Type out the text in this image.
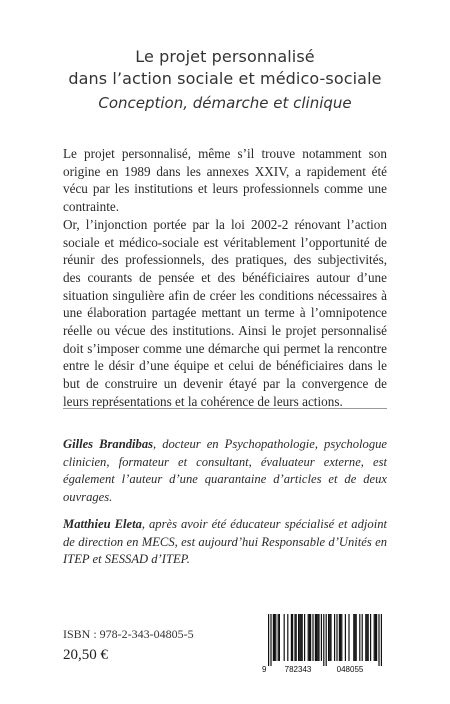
Le projet personnalisé
dans l’action sociale et médico-sociale
Conception, démarche et clinique

Le projet personnalisé, même s’il trouve notamment son origine en 1989 dans les annexes XXIV, a rapidement été vécu par les institutions et leurs professionnels comme une contrainte.

Or, l’injonction portée par la loi 2002-2 rénovant l’action sociale et médico-sociale est véritablement l’opportunité de réunir des professionnels, des pratiques, des subjectivités, des courants de pensée et des bénéficiaires autour d’une situation singulière afin de créer les conditions nécessaires à une élaboration partagée mettant un terme à l’omnipotence réelle ou vécue des institutions. Ainsi le projet personnalisé doit s’imposer comme une démarche qui permet la rencontre entre le désir d’une équipe et celui de bénéficiaires dans le but de construire un devenir étayé par la convergence de leurs représentations et la cohérence de leurs actions.

Gilles Brandibas, docteur en Psychopathologie, psychologue clinicien, formateur et consultant, évaluateur externe, est également l’auteur d’une quarantaine d’articles et de deux ouvrages.
Matthieu Eleta, après avoir été éducateur spécialisé et adjoint de direction en MECS, est aujourd’hui Responsable d’Unités en ITEP et SESSAD d’ITEP.
ISBN : 978-2-343-04805-5
20,50 €
9 782343	048055
